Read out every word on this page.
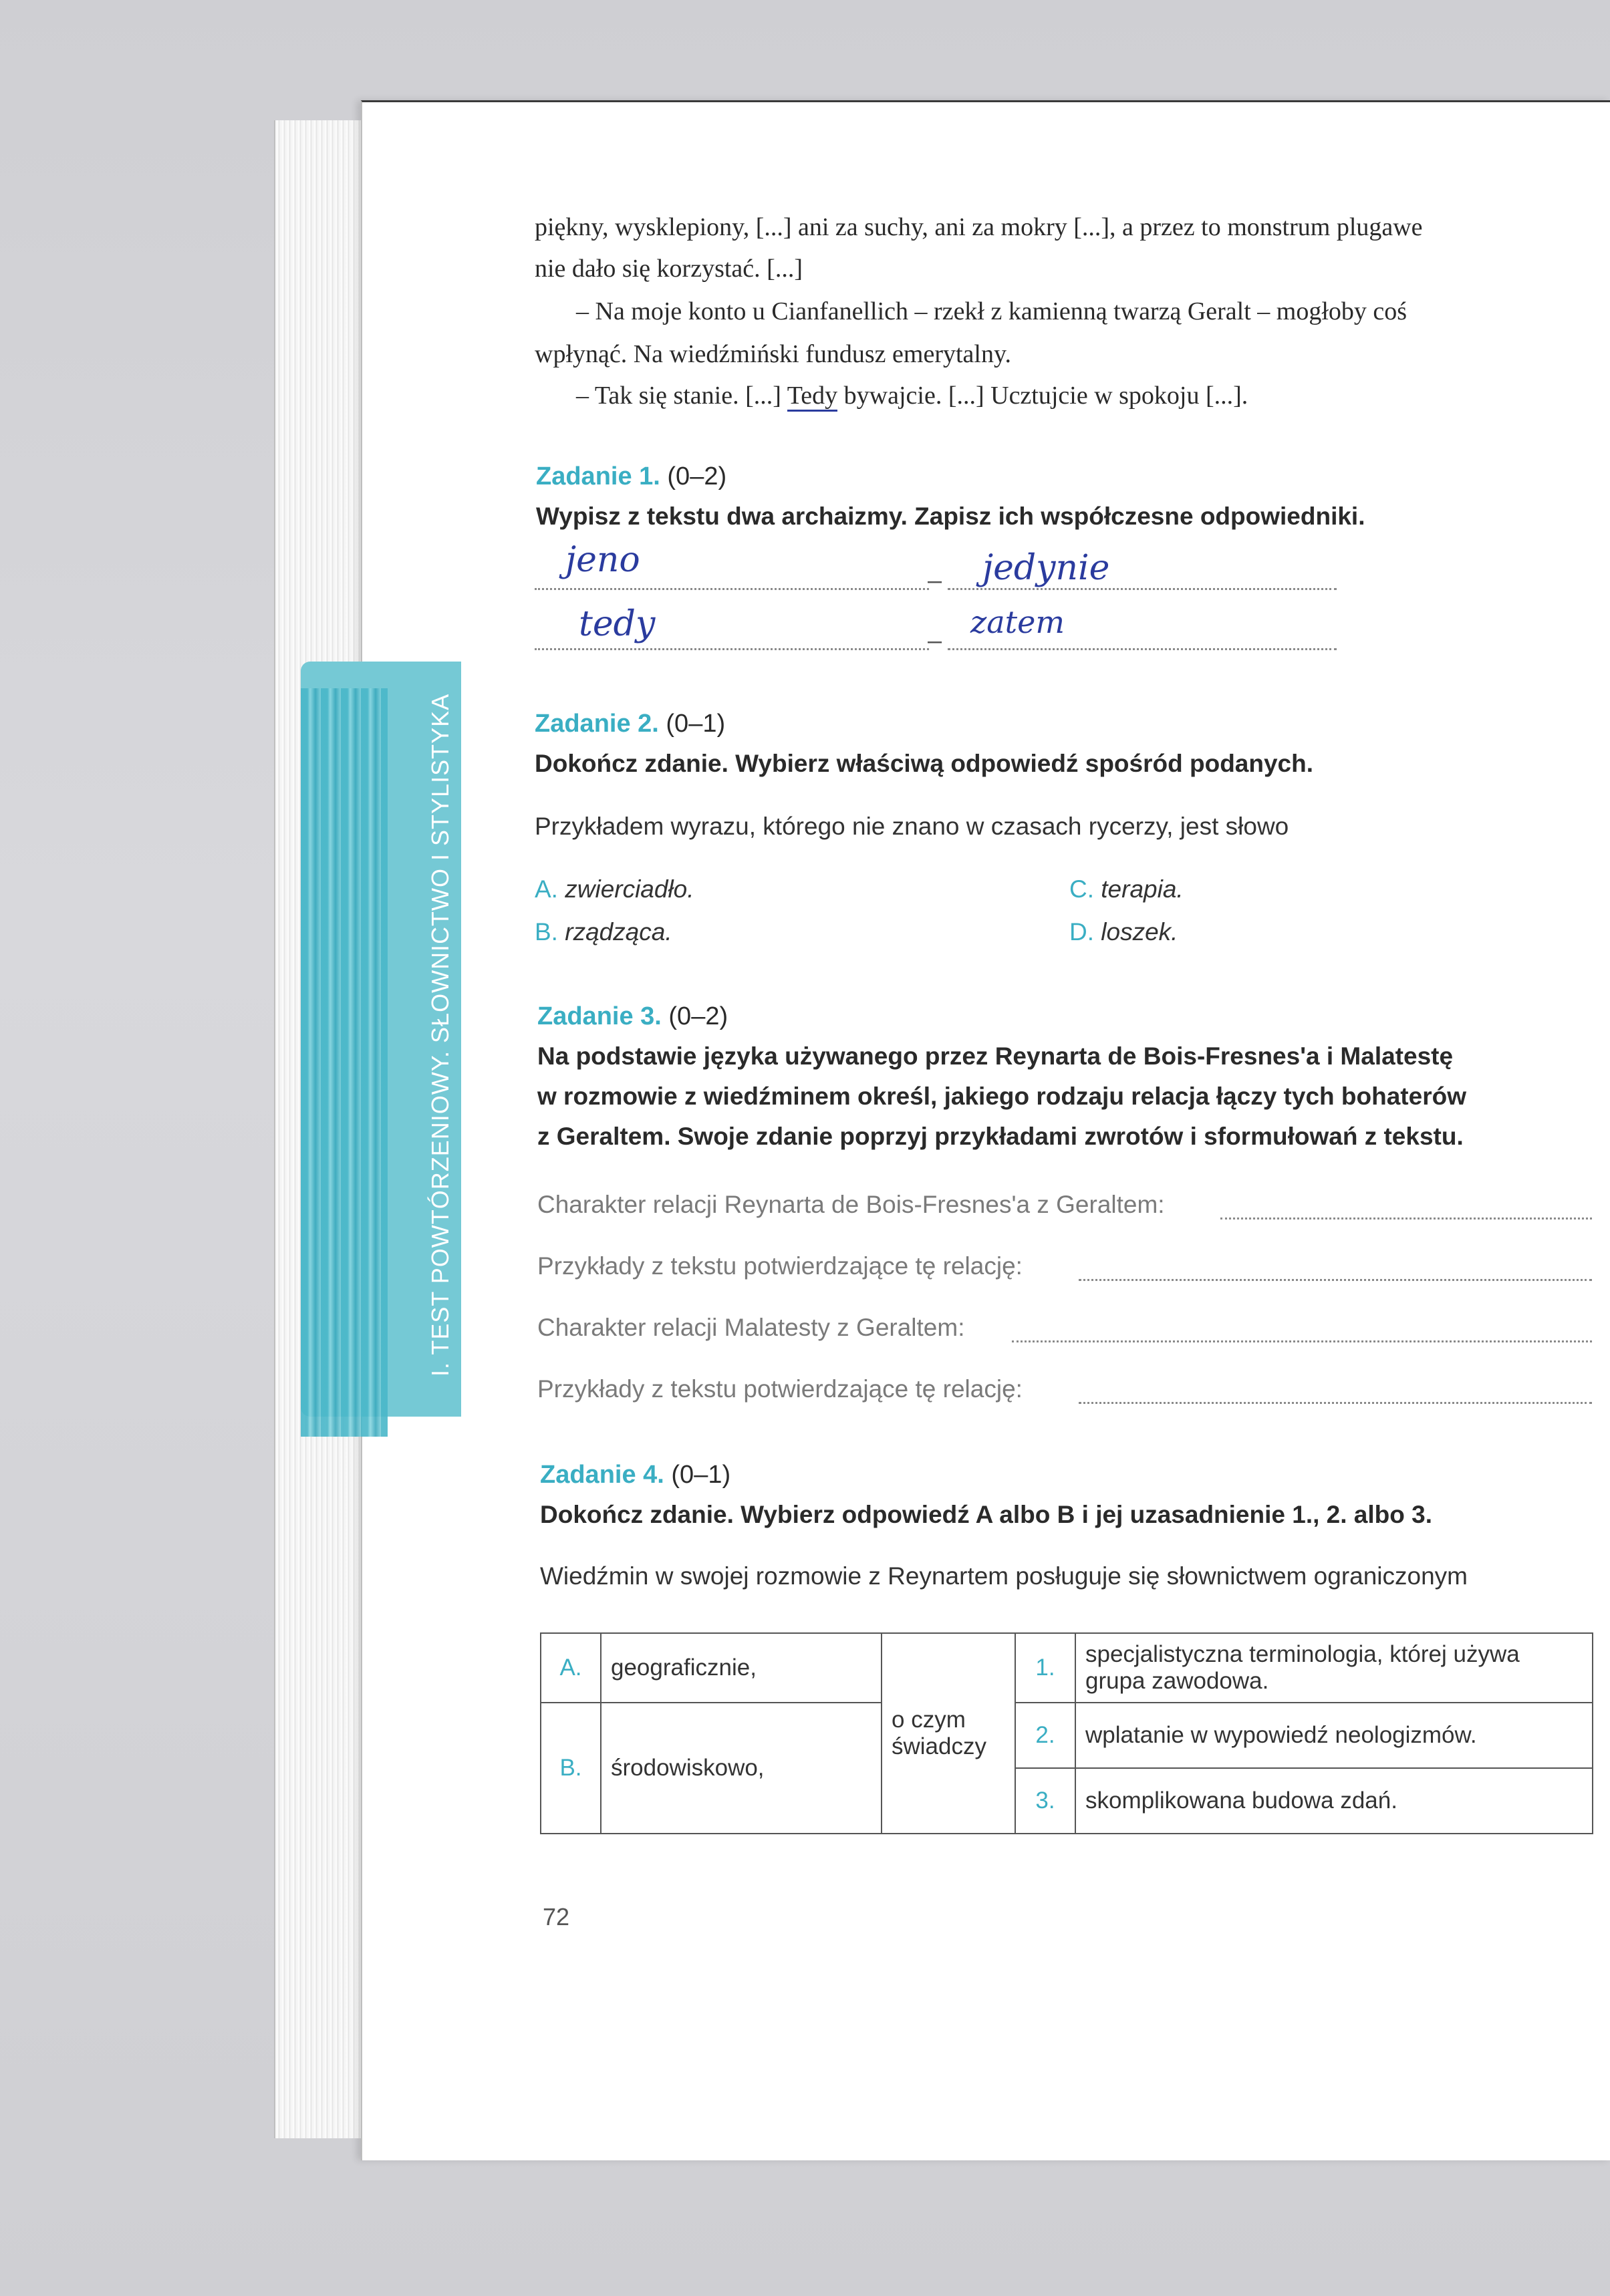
I. TEST POWTÓRZENIOWY. SŁOWNICTWO I STYLISTYKA
piękny, wysklepiony, [...] ani za suchy, ani za mokry [...], a przez to monstrum plugawe
nie dało się korzystać. [...]
– Na moje konto u Cianfanellich – rzekł z kamienną twarzą Geralt – mogłoby coś
wpłynąć. Na wiedźmiński fundusz emerytalny.
– Tak się stanie. [...] Tedy bywajcie. [...] Ucztujcie w spokoju [...].
Zadanie 1. (0–2)
Wypisz z tekstu dwa archaizmy. Zapisz ich współczesne odpowiedniki.
–
–
jeno	jedynie
tedy	zatem
Zadanie 2. (0–1)
Dokończ zdanie. Wybierz właściwą odpowiedź spośród podanych.
Przykładem wyrazu, którego nie znano w czasach rycerzy, jest słowo
A. zwierciadło.
B. rządząca.
C. terapia.
D. loszek.
Zadanie 3. (0–2)
Na podstawie języka używanego przez Reynarta de Bois-Fresnes'a i Malatestę
w rozmowie z wiedźminem określ, jakiego rodzaju relacja łączy tych bohaterów
z Geraltem. Swoje zdanie poprzyj przykładami zwrotów i sformułowań z tekstu.
Charakter relacji Reynarta de Bois-Fresnes'a z Geraltem:
Przykłady z tekstu potwierdzające tę relację:
Charakter relacji Malatesty z Geraltem:
Przykłady z tekstu potwierdzające tę relację:
Zadanie 4. (0–1)
Dokończ zdanie. Wybierz odpowiedź A albo B i jej uzasadnienie 1., 2. albo 3.
Wiedźmin w swojej rozmowie z Reynartem posługuje się słownictwem ograniczonym
A.	geograficznie,	o czym świadczy	1.	specjalistyczna terminologia, której używa
grupa zawodowa.

B.	środowiskowo,		2.	wplatanie w wypowiedź neologizmów.
			3.	skomplikowana budowa zdań.
72
